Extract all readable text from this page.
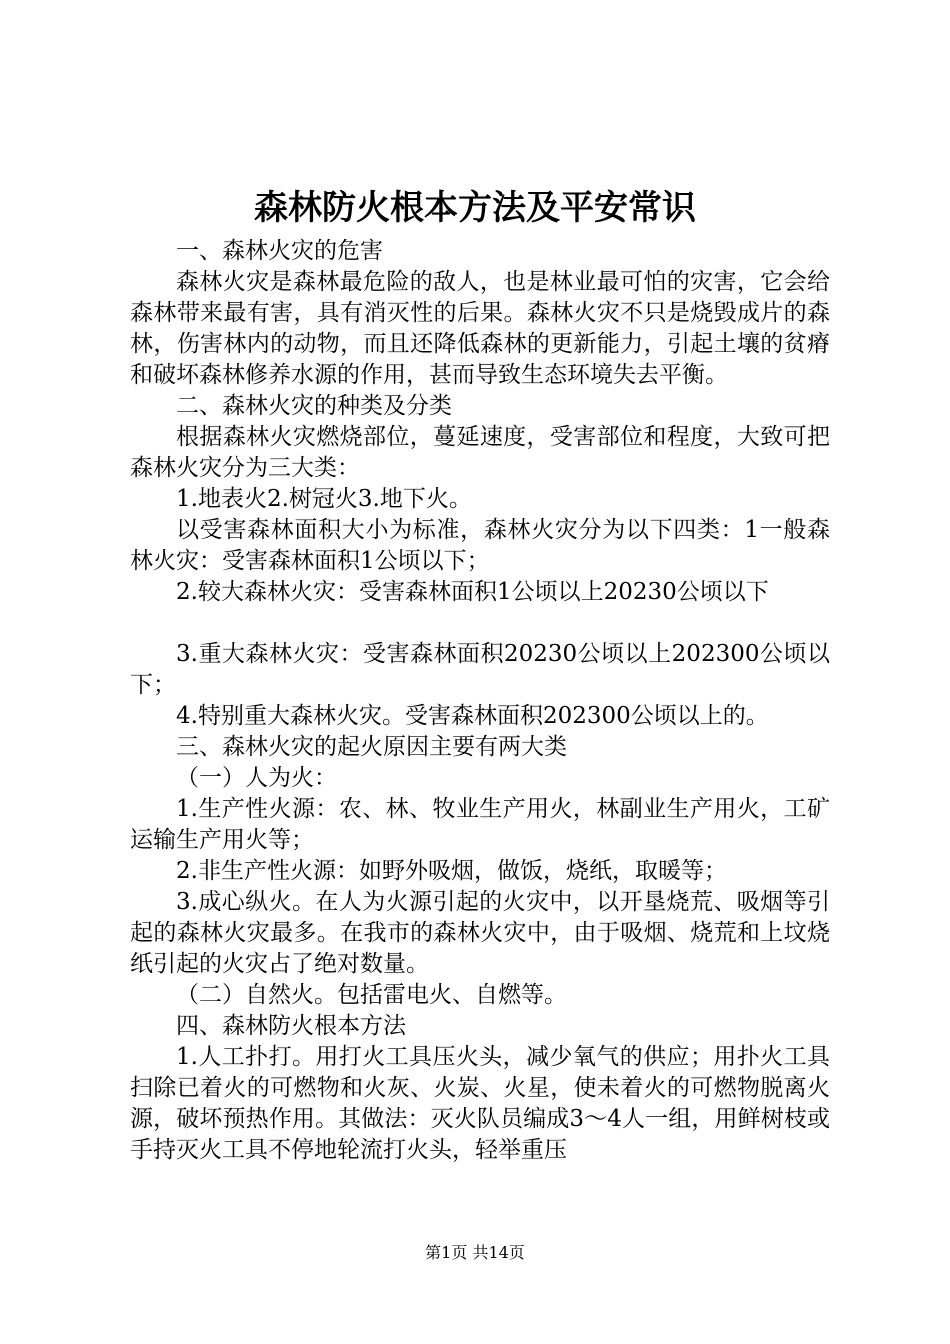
森林防火根本方法及平安常识

一、森林火灾的危害

森林火灾是森林最危险的敌人，也是林业最可怕的灾害，它会给森林带来最有害，具有消灭性的后果。森林火灾不只是烧毁成片的森林，伤害林内的动物，而且还降低森林的更新能力，引起土壤的贫瘠和破坏森林修养水源的作用，甚而导致生态环境失去平衡。

二、森林火灾的种类及分类

根据森林火灾燃烧部位，蔓延速度，受害部位和程度，大致可把森林火灾分为三大类：

1.地表火2.树冠火3.地下火。

以受害森林面积大小为标准，森林火灾分为以下四类：1一般森林火灾：受害森林面积1公顷以下；

2.较大森林火灾：受害森林面积1公顷以上20230公顷以下

3.重大森林火灾：受害森林面积20230公顷以上202300公顷以下；

4.特别重大森林火灾。受害森林面积202300公顷以上的。

三、森林火灾的起火原因主要有两大类

（一）人为火：

1.生产性火源：农、林、牧业生产用火，林副业生产用火，工矿运输生产用火等；

2.非生产性火源：如野外吸烟，做饭，烧纸，取暖等；

3.成心纵火。在人为火源引起的火灾中，以开垦烧荒、吸烟等引起的森林火灾最多。在我市的森林火灾中，由于吸烟、烧荒和上坟烧纸引起的火灾占了绝对数量。

（二）自然火。包括雷电火、自燃等。

四、森林防火根本方法

1.人工扑打。用打火工具压火头，减少氧气的供应；用扑火工具扫除已着火的可燃物和火灰、火炭、火星，使未着火的可燃物脱离火源，破坏预热作用。其做法：灭火队员编成3～4人一组，用鲜树枝或手持灭火工具不停地轮流打火头，轻举重压

第1页 共14页
